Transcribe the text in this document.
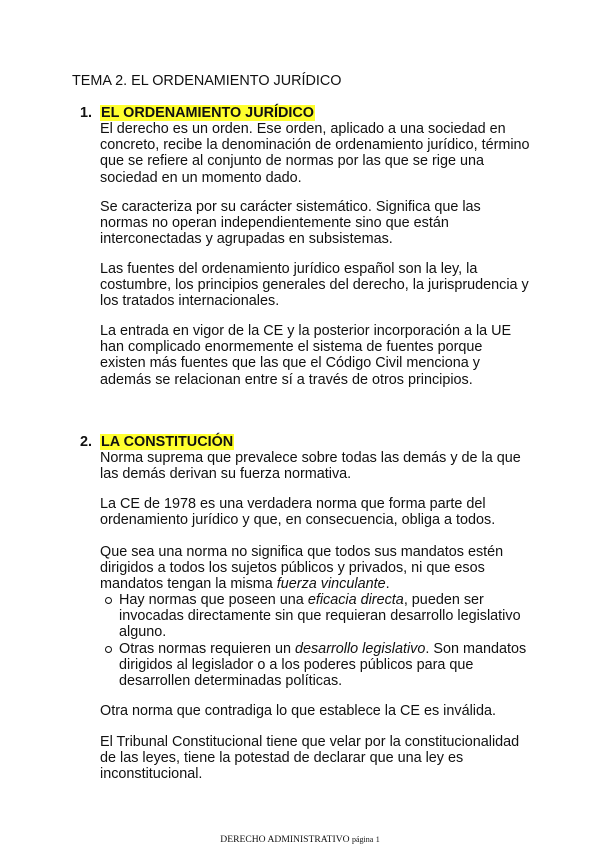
TEMA 2. EL ORDENAMIENTO JURÍDICO
1. EL ORDENAMIENTO JURÍDICO

El derecho es un orden. Ese orden, aplicado a una sociedad en concreto, recibe la denominación de ordenamiento jurídico, término que se refiere al conjunto de normas por las que se rige una sociedad en un momento dado.

Se caracteriza por su carácter sistemático. Significa que las normas no operan independientemente sino que están interconectadas y agrupadas en subsistemas.

Las fuentes del ordenamiento jurídico español son la ley, la costumbre, los principios generales del derecho, la jurisprudencia y los tratados internacionales.

La entrada en vigor de la CE y la posterior incorporación a la UE han complicado enormemente el sistema de fuentes porque existen más fuentes que las que el Código Civil menciona y además se relacionan entre sí a través de otros principios.

2. LA CONSTITUCIÓN

Norma suprema que prevalece sobre todas las demás y de la que las demás derivan su fuerza normativa.

La CE de 1978 es una verdadera norma que forma parte del ordenamiento jurídico y que, en consecuencia, obliga a todos.

Que sea una norma no significa que todos sus mandatos estén dirigidos a todos los sujetos públicos y privados, ni que esos mandatos tengan la misma fuerza vinculante.

Hay normas que poseen una eficacia directa, pueden ser invocadas directamente sin que requieran desarrollo legislativo alguno.
Otras normas requieren un desarrollo legislativo. Son mandatos dirigidos al legislador o a los poderes públicos para que desarrollen determinadas políticas.

Otra norma que contradiga lo que establece la CE es inválida.

El Tribunal Constitucional tiene que velar por la constitucionalidad de las leyes, tiene la potestad de declarar que una ley es inconstitucional.

DERECHO ADMINISTRATIVO página 1
